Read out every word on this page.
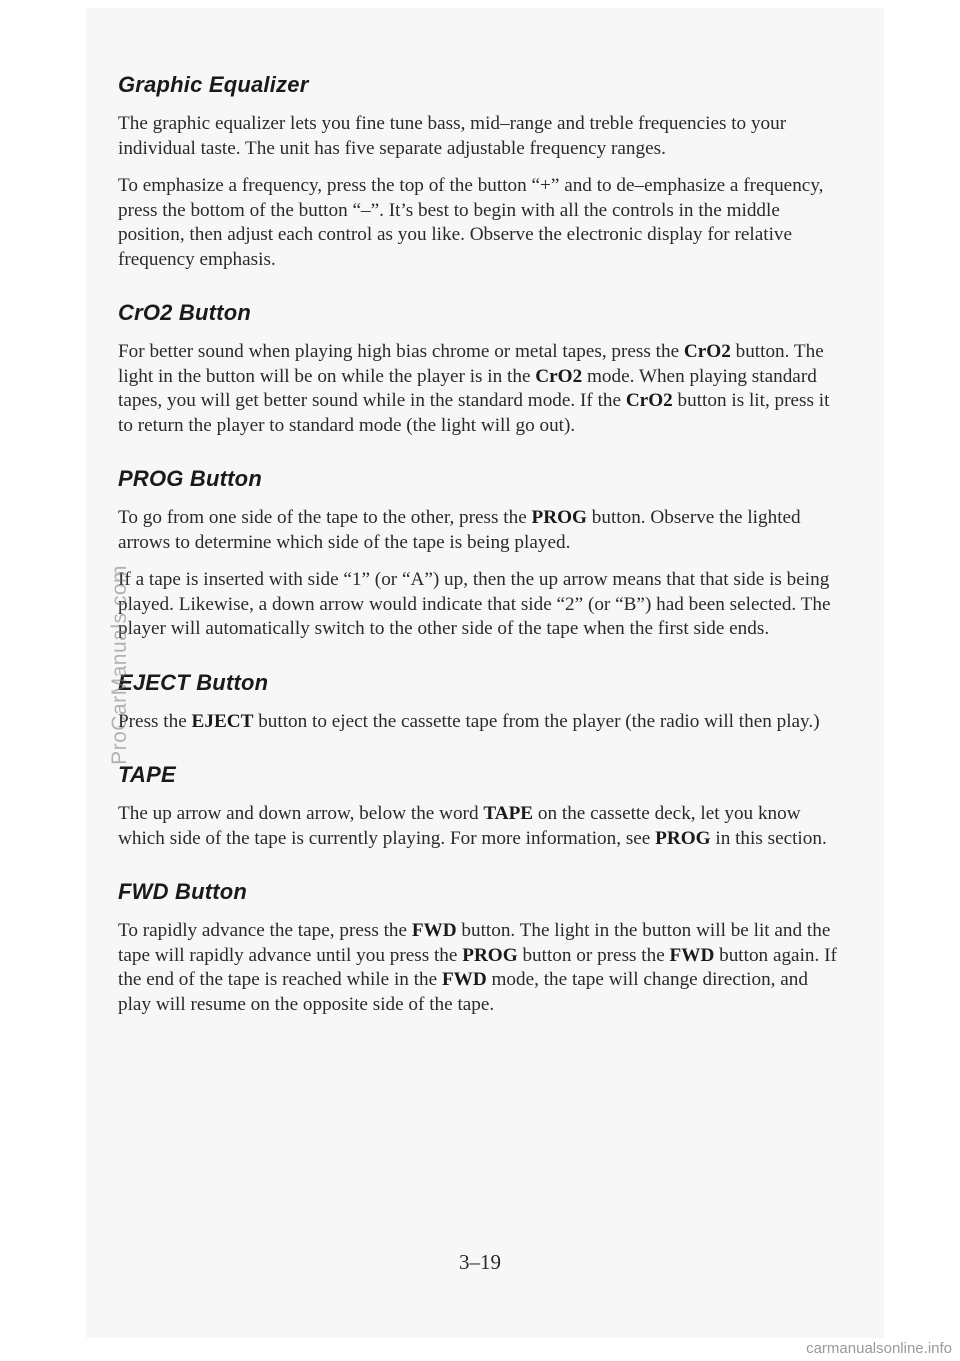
Graphic Equalizer

The graphic equalizer lets you fine tune bass, mid–range and treble frequencies to your individual taste. The unit has five separate adjustable frequency ranges.

To emphasize a frequency, press the top of the button “+” and to de–emphasize a frequency, press the bottom of the button “–”. It’s best to begin with all the controls in the middle position, then adjust each control as you like. Observe the electronic display for relative frequency emphasis.

CrO2 Button

For better sound when playing high bias chrome or metal tapes, press the CrO2 button. The light in the button will be on while the player is in the CrO2 mode. When playing standard tapes, you will get better sound while in the standard mode. If the CrO2 button is lit, press it to return the player to standard mode (the light will go out).

PROG Button

To go from one side of the tape to the other, press the PROG button. Observe the lighted arrows to determine which side of the tape is being played.

If a tape is inserted with side “1” (or “A”) up, then the up arrow means that that side is being played. Likewise, a down arrow would indicate that side “2” (or “B”) had been selected. The player will automatically switch to the other side of the tape when the first side ends.

EJECT Button

Press the EJECT button to eject the cassette tape from the player (the radio will then play.)

TAPE

The up arrow and down arrow, below the word TAPE on the cassette deck, let you know which side of the tape is currently playing. For more information, see PROG in this section.

FWD Button

To rapidly advance the tape, press the FWD button. The light in the button will be lit and the tape will rapidly advance until you press the PROG button or press the FWD button again. If the end of the tape is reached while in the FWD mode, the tape will change direction, and play will resume on the opposite side of the tape.

3–19
ProCarManuals.com
carmanualsonline.info
